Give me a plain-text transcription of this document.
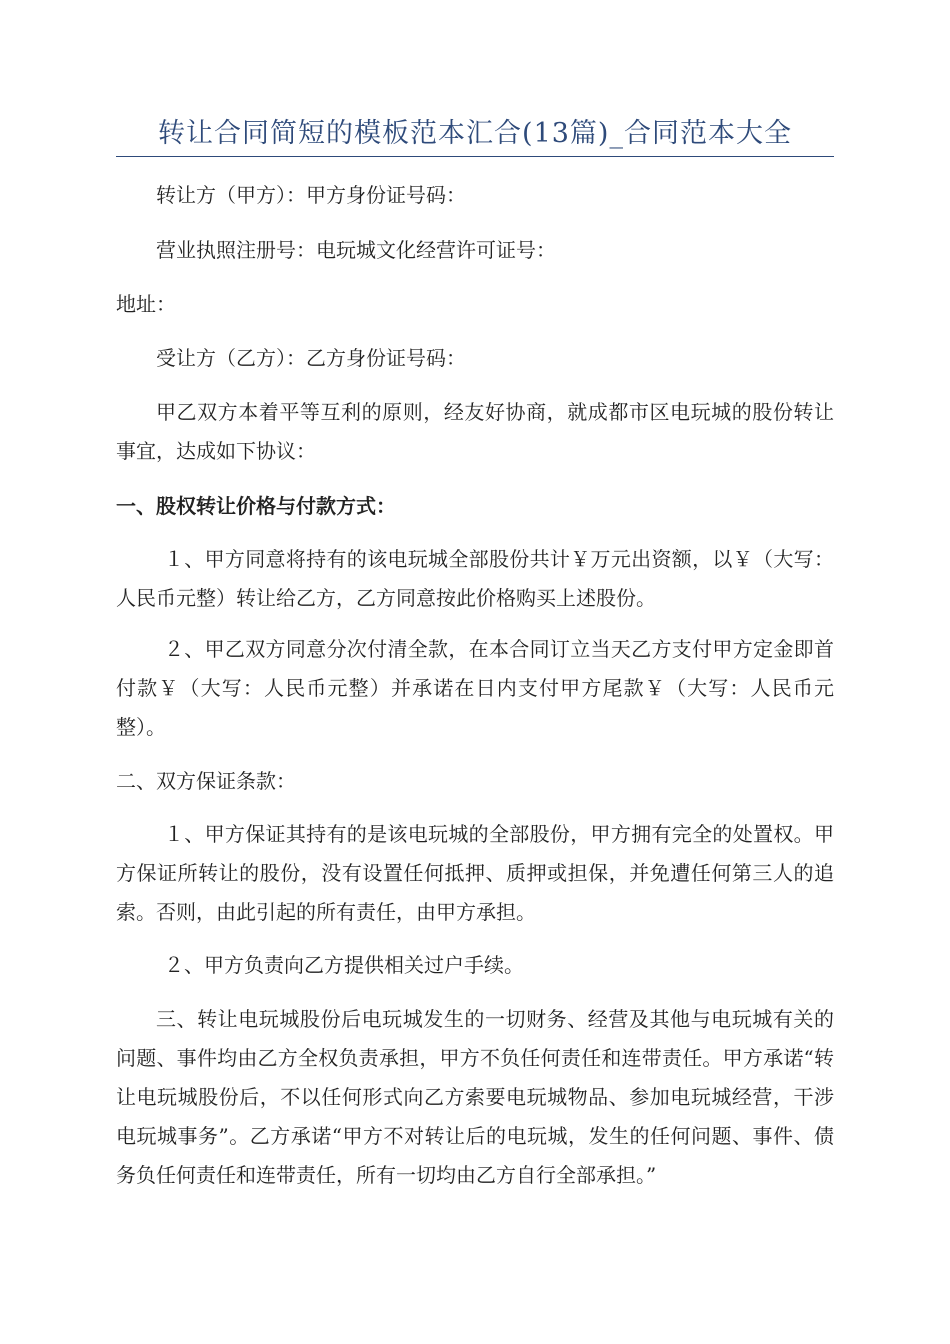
转让合同简短的模板范本汇合(13篇)_合同范本大全

转让方（甲方）：甲方身份证号码：

营业执照注册号：电玩城文化经营许可证号：

地址：

受让方（乙方）：乙方身份证号码：

甲乙双方本着平等互利的原则，经友好协商，就成都市区电玩城的股份转让事宜，达成如下协议：

一、股权转让价格与付款方式：

１、甲方同意将持有的该电玩城全部股份共计￥万元出资额，以￥（大写：人民币元整）转让给乙方，乙方同意按此价格购买上述股份。

２、甲乙双方同意分次付清全款，在本合同订立当天乙方支付甲方定金即首付款￥（大写：人民币元整）并承诺在日内支付甲方尾款￥（大写：人民币元整）。

二、双方保证条款：

１、甲方保证其持有的是该电玩城的全部股份，甲方拥有完全的处置权。甲方保证所转让的股份，没有设置任何抵押、质押或担保，并免遭任何第三人的追索。否则，由此引起的所有责任，由甲方承担。

２、甲方负责向乙方提供相关过户手续。

三、转让电玩城股份后电玩城发生的一切财务、经营及其他与电玩城有关的问题、事件均由乙方全权负责承担，甲方不负任何责任和连带责任。甲方承诺“转让电玩城股份后，不以任何形式向乙方索要电玩城物品、参加电玩城经营，干涉电玩城事务”。乙方承诺“甲方不对转让后的电玩城，发生的任何问题、事件、债务负任何责任和连带责任，所有一切均由乙方自行全部承担。”
